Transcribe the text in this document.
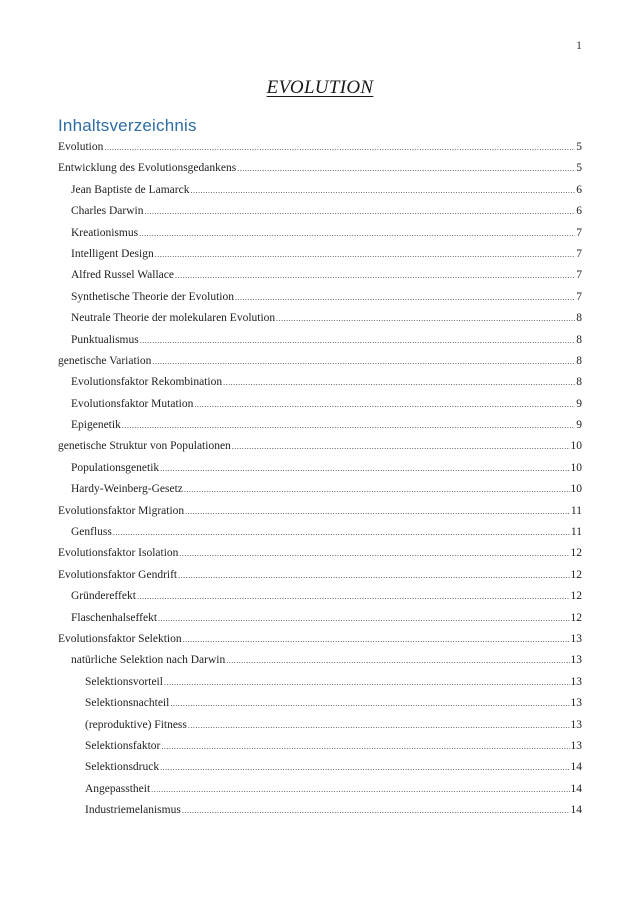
1
EVOLUTION
Inhaltsverzeichnis
Evolution .....	5
Entwicklung des Evolutionsgedankens .....	5
Jean Baptiste de Lamarck .....	6
Charles Darwin .....	6
Kreationismus .....	7
Intelligent Design .....	7
Alfred Russel Wallace .....	7
Synthetische Theorie der Evolution .....	7
Neutrale Theorie der molekularen Evolution .....	8
Punktualismus .....	8
genetische Variation .....	8
Evolutionsfaktor Rekombination .....	8
Evolutionsfaktor Mutation .....	9
Epigenetik .....	9
genetische Struktur von Populationen .....	10
Populationsgenetik .....	10
Hardy-Weinberg-Gesetz .....	10
Evolutionsfaktor Migration .....	11
Genfluss .....	11
Evolutionsfaktor Isolation .....	12
Evolutionsfaktor Gendrift .....	12
Gründereffekt .....	12
Flaschenhalseffekt .....	12
Evolutionsfaktor Selektion .....	13
natürliche Selektion nach Darwin .....	13
Selektionsvorteil .....	13
Selektionsnachteil .....	13
(reproduktive) Fitness .....	13
Selektionsfaktor .....	13
Selektionsdruck .....	14
Angepasstheit .....	14
Industriemelanismus .....	14
